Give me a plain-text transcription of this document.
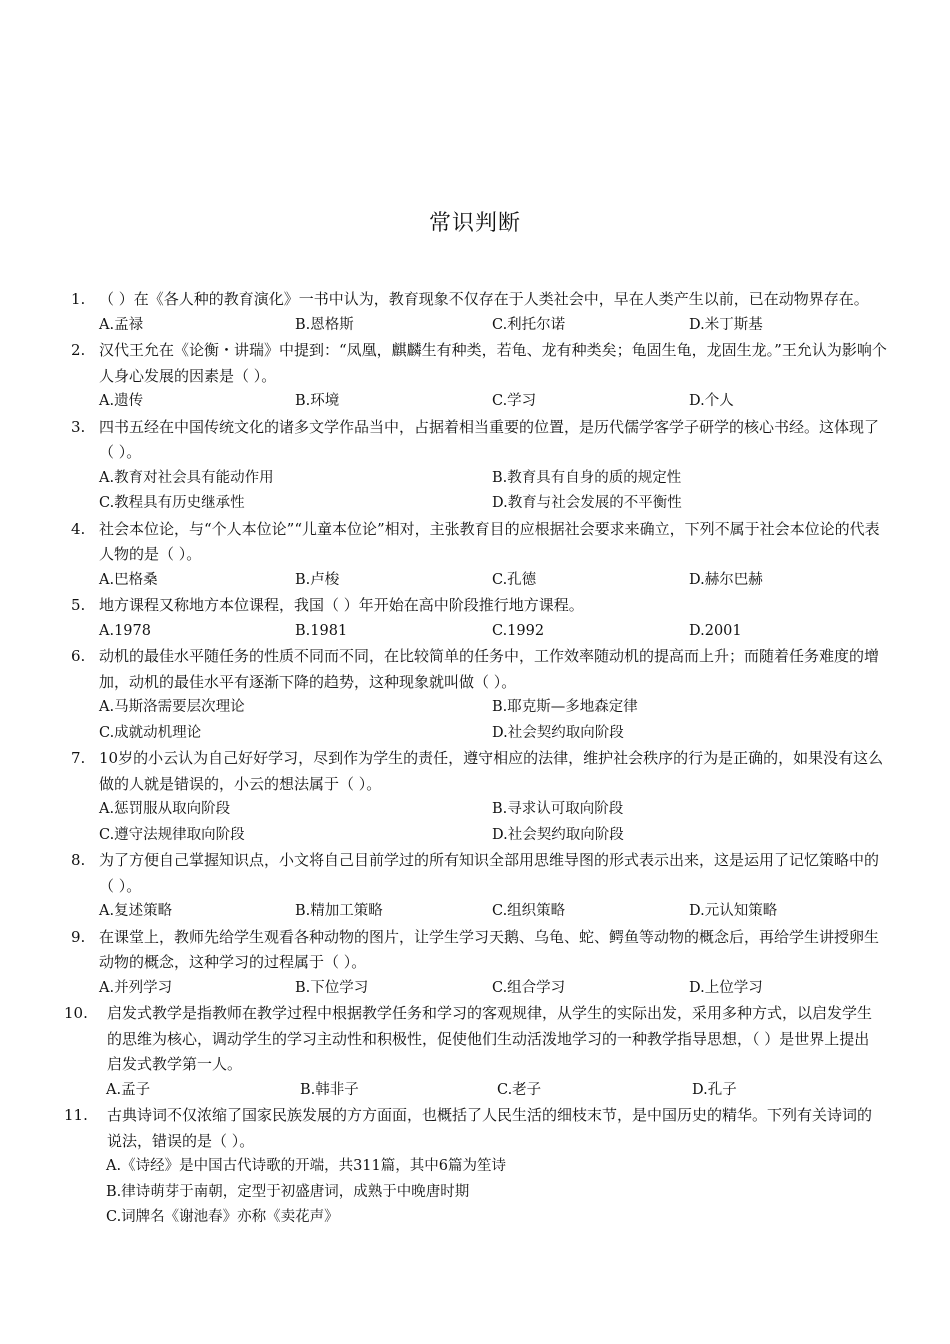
常识判断
1. （ ）在《各人种的教育演化》一书中认为，教育现象不仅存在于人类社会中，早在人类产生以前，已在动物界存在。
A.孟禄	B.恩格斯	C.利托尔诺	D.米丁斯基
2. 汉代王允在《论衡・讲瑞》中提到：“凤凰，麒麟生有种类，若龟、龙有种类矣；龟固生龟，龙固生龙。”王允认为影响个人身心发展的因素是（ ）。
A.遗传	B.环境	C.学习	D.个人
3. 四书五经在中国传统文化的诸多文学作品当中，占据着相当重要的位置，是历代儒学客学子研学的核心书经。这体现了（ ）。
A.教育对社会具有能动作用	B.教育具有自身的质的规定性
C.教程具有历史继承性	D.教育与社会发展的不平衡性
4. 社会本位论，与“个人本位论”“儿童本位论”相对，主张教育目的应根据社会要求来确立，下列不属于社会本位论的代表人物的是（ ）。
A.巴格桑	B.卢梭	C.孔德	D.赫尔巴赫
5. 地方课程又称地方本位课程，我国（ ）年开始在高中阶段推行地方课程。
A.1978	B.1981	C.1992	D.2001
6. 动机的最佳水平随任务的性质不同而不同，在比较简单的任务中，工作效率随动机的提高而上升；而随着任务难度的增加，动机的最佳水平有逐渐下降的趋势，这种现象就叫做（ ）。
A.马斯洛需要层次理论	B.耶克斯—多地森定律
C.成就动机理论	D.社会契约取向阶段
7. 10岁的小云认为自己好好学习，尽到作为学生的责任，遵守相应的法律，维护社会秩序的行为是正确的，如果没有这么做的人就是错误的，小云的想法属于（ ）。
A.惩罚服从取向阶段	B.寻求认可取向阶段
C.遵守法规律取向阶段	D.社会契约取向阶段
8. 为了方便自己掌握知识点，小文将自己目前学过的所有知识全部用思维导图的形式表示出来，这是运用了记忆策略中的（ ）。
A.复述策略	B.精加工策略	C.组织策略	D.元认知策略
9. 在课堂上，教师先给学生观看各种动物的图片，让学生学习天鹅、乌龟、蛇、鳄鱼等动物的概念后，再给学生讲授卵生动物的概念，这种学习的过程属于（ ）。
A.并列学习	B.下位学习	C.组合学习	D.上位学习
10. 启发式教学是指教师在教学过程中根据教学任务和学习的客观规律，从学生的实际出发，采用多种方式，以启发学生的思维为核心，调动学生的学习主动性和积极性，促使他们生动活泼地学习的一种教学指导思想，（ ）是世界上提出启发式教学第一人。
A.孟子	B.韩非子	C.老子	D.孔子
11. 古典诗词不仅浓缩了国家民族发展的方方面面，也概括了人民生活的细枝末节，是中国历史的精华。下列有关诗词的说法，错误的是（ ）。
A.《诗经》是中国古代诗歌的开端，共311篇，其中6篇为笙诗
B.律诗萌芽于南朝，定型于初盛唐词，成熟于中晚唐时期
C.词牌名《谢池春》亦称《卖花声》
